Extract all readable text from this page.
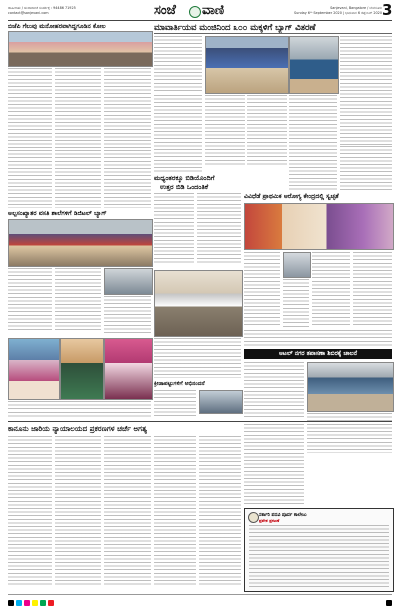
ಜಾಹೀರಾತು / ಚಂದಾದಾರಿಕೆ ಸಂಪರ್ಕಕ್ಕೆ : 94486 71925
contact@sanjevani.com	ಸಂಜೆ ವಾಣಿ	Sanjevani, Bangalore / ಬೆಂಗಳೂರು
Sunday 6ᵗʰ September 2020 | ಭಾನುವಾರ 6 ಸೆಪ್ಟೆಂಬರ್ 2020 3
ಬಿಜೆಪಿ ಗೆಲುವು ಮನೋಹರವಾಗಿದ್ದಗೂಡಿನ ಕೋಲ	ಮಾವಾರ್ತಿಯವ ಮಂಜಿನಿಂದ ೩೦೦ ಮಕ್ಕಳಿಗೆ ಬ್ಯಾಗ್ ವಿತರಣೆ
ಮಧ್ಯಂತರಕ್ಕೂ ಬಿಡಿಯೊಂದಿಗೆ
ಉತ್ತರ ಬಿಡಿ ಒಂದಂತಿಕೆ
ವಿವಿಧೆಡೆ ಪ್ರಾಥಮಿಕ ಆರೋಗ್ಯ ಕೇಂದ್ರದಲ್ಲಿ ಸ್ವಚ್ಛತೆ
ಅಲ್ಪಸಂಖ್ಯಾತರ ವಸತಿ ಶಾಲೆಗಳಿಗೆ ಡಿಜಿಟಲ್ ಬ್ಯಾಗ್
ಕ್ರೀಡಾಪಟ್ಟುಗಳಿಗೆ ಅಭಿನಂದನೆ
ಅಟಲ್ ನಗರ ತಪಾಸಣಾ ಶಿಬಿರಕ್ಕೆ ಚಾಲನೆ
ಕಾನೂನು ಜಾರಿಯ ನ್ಯಾಯಾಲಯದ ಪ್ರಕರಣಗಳ ಚರ್ಚೆ ಅಗತ್ಯ
ಸರ್ಕಾರಿ ಪದವಿ ಪೂರ್ವ ಕಾಲೇಜು
ಪ್ರವೇಶ ಪ್ರಕಟಣೆ
